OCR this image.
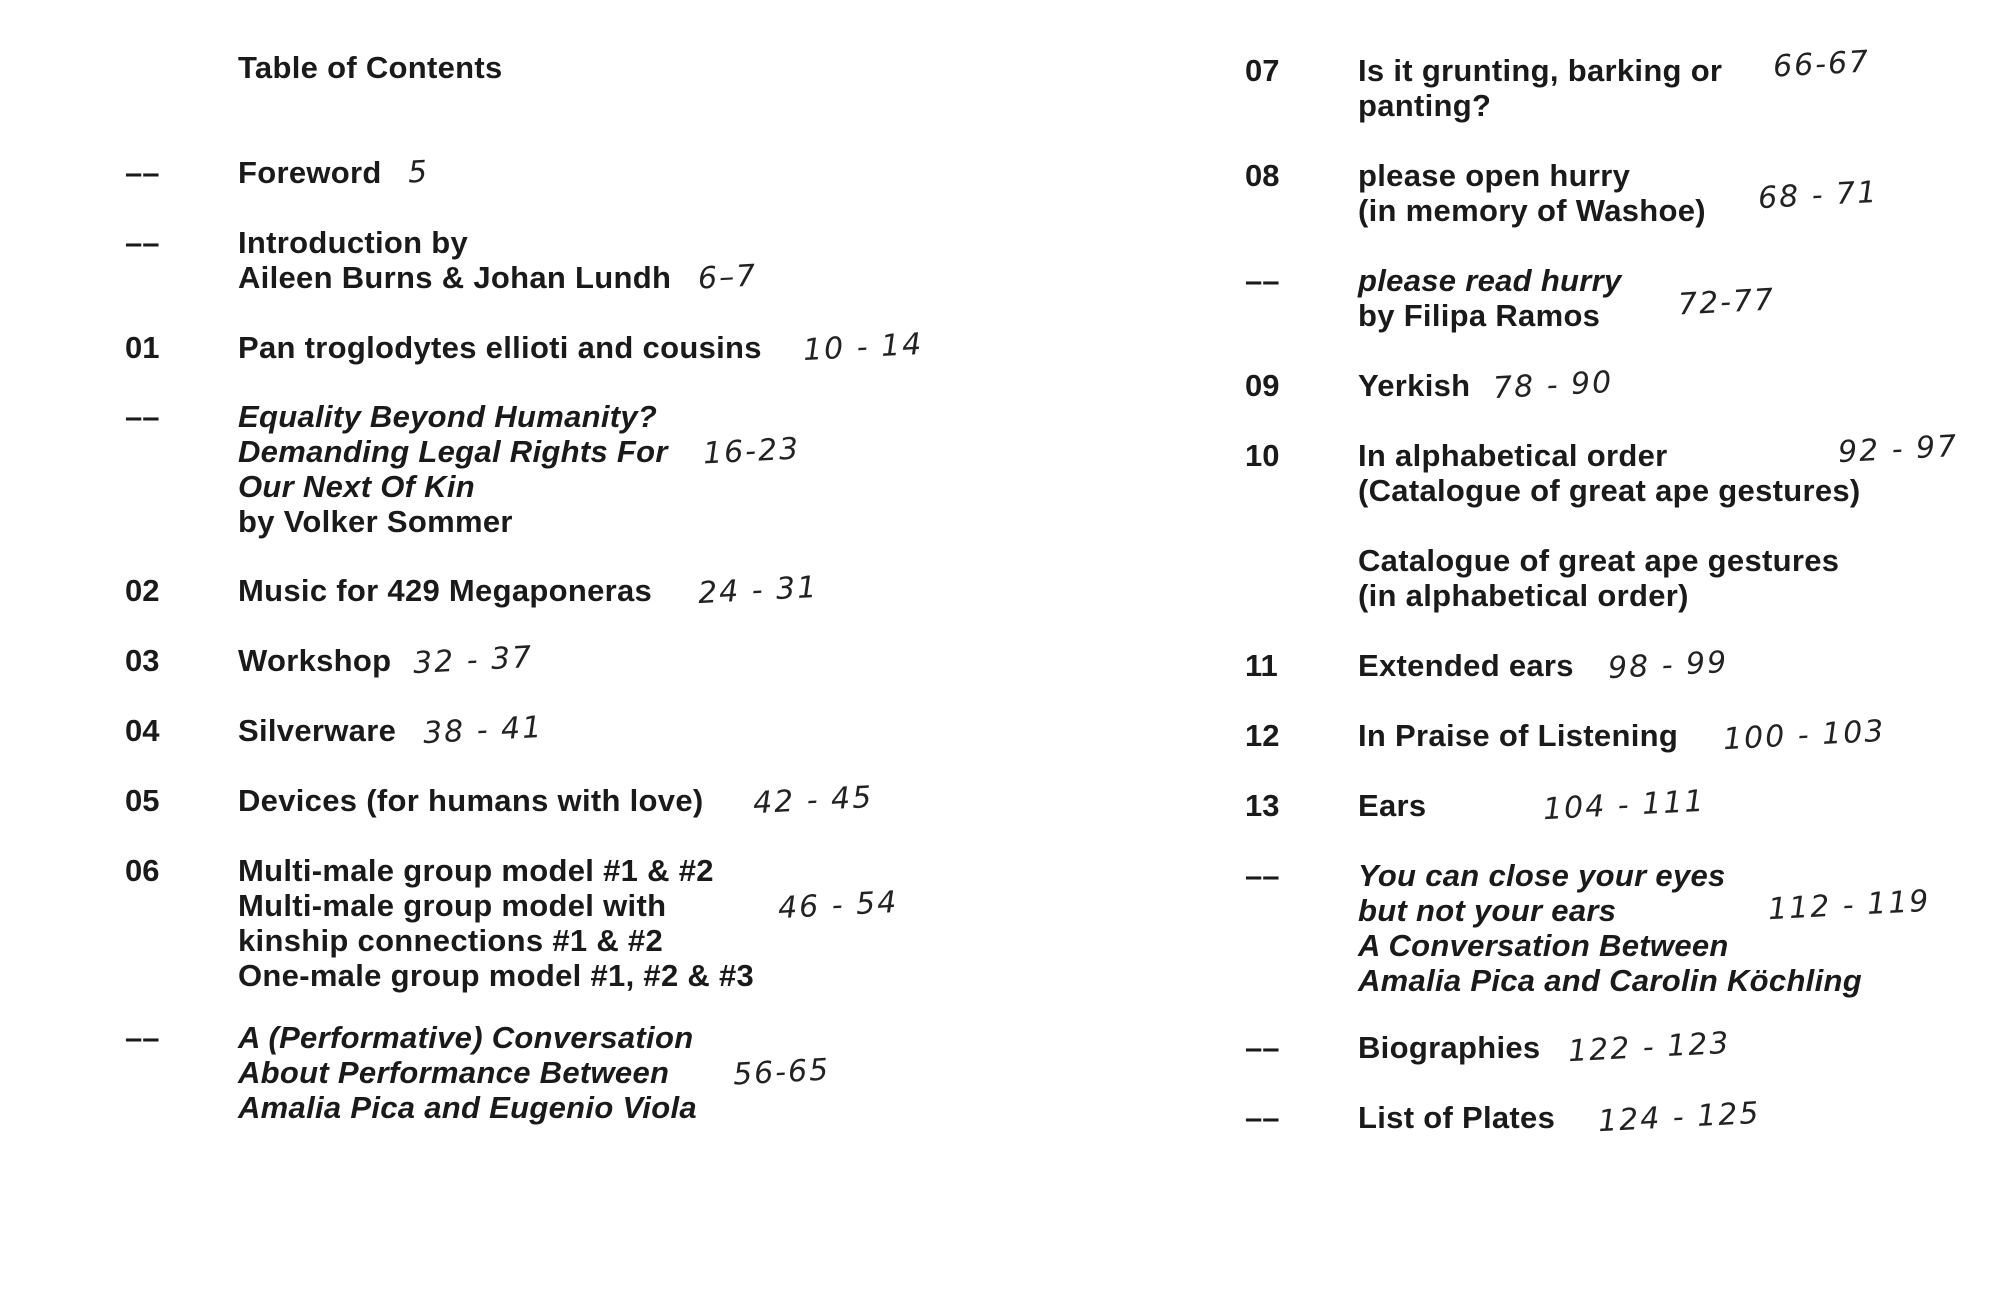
Table of Contents
––	Foreword 5
––	Introduction by
Aileen Burns & Johan Lundh 6–7
01	Pan troglodytes ellioti and cousins 10 - 14
––	Equality Beyond Humanity?
Demanding Legal Rights For
Our Next Of Kin
by Volker Sommer
16-23
02	Music for 429 Megaponeras 24 - 31
03	Workshop 32 - 37
04	Silverware 38 - 41
05	Devices (for humans with love) 42 - 45
06	Multi-male group model #1 & #2
Multi-male group model with
kinship connections #1 & #2
One-male group model #1, #2 & #3
46 - 54
––	A (Performative) Conversation
About Performance Between
Amalia Pica and Eugenio Viola
56-65
07	Is it grunting, barking or
panting?
66-67
08	please open hurry
(in memory of Washoe) 68 - 71
––	please read hurry
by Filipa Ramos	72-77
09	Yerkish 78 - 90
10	In alphabetical order
(Catalogue of great ape gestures)

Catalogue of great ape gestures
(in alphabetical order)
92 - 97
11	Extended ears 98 - 99
12	In Praise of Listening 100 - 103
13	Ears	104 - 111
––	You can close your eyes
but not your ears
A Conversation Between
Amalia Pica and Carolin Köchling
112 - 119
––	Biographies 122 - 123
––	List of Plates 124 - 125
